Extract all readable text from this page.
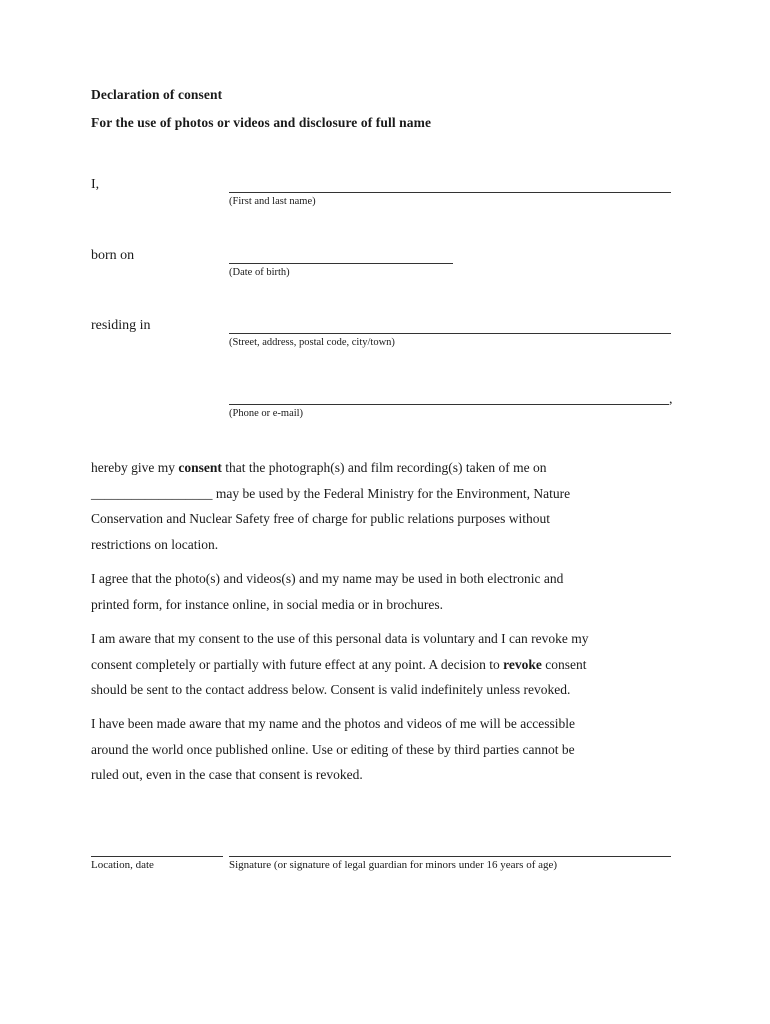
Declaration of consent
For the use of photos or videos and disclosure of full name
I,
(First and last name)
born on
(Date of birth)
residing in
(Street, address, postal code, city/town)
,
(Phone or e-mail)

hereby give my consent that the photograph(s) and film recording(s) taken of me on
__________________ may be used by the Federal Ministry for the Environment, Nature
Conservation and Nuclear Safety free of charge for public relations purposes without
restrictions on location.

I agree that the photo(s) and videos(s) and my name may be used in both electronic and
printed form, for instance online, in social media or in brochures.

I am aware that my consent to the use of this personal data is voluntary and I can revoke my
consent completely or partially with future effect at any point. A decision to revoke consent
should be sent to the contact address below. Consent is valid indefinitely unless revoked.

I have been made aware that my name and the photos and videos of me will be accessible
around the world once published online. Use or editing of these by third parties cannot be
ruled out, even in the case that consent is revoked.

Location, date	Signature (or signature of legal guardian for minors under 16 years of age)
